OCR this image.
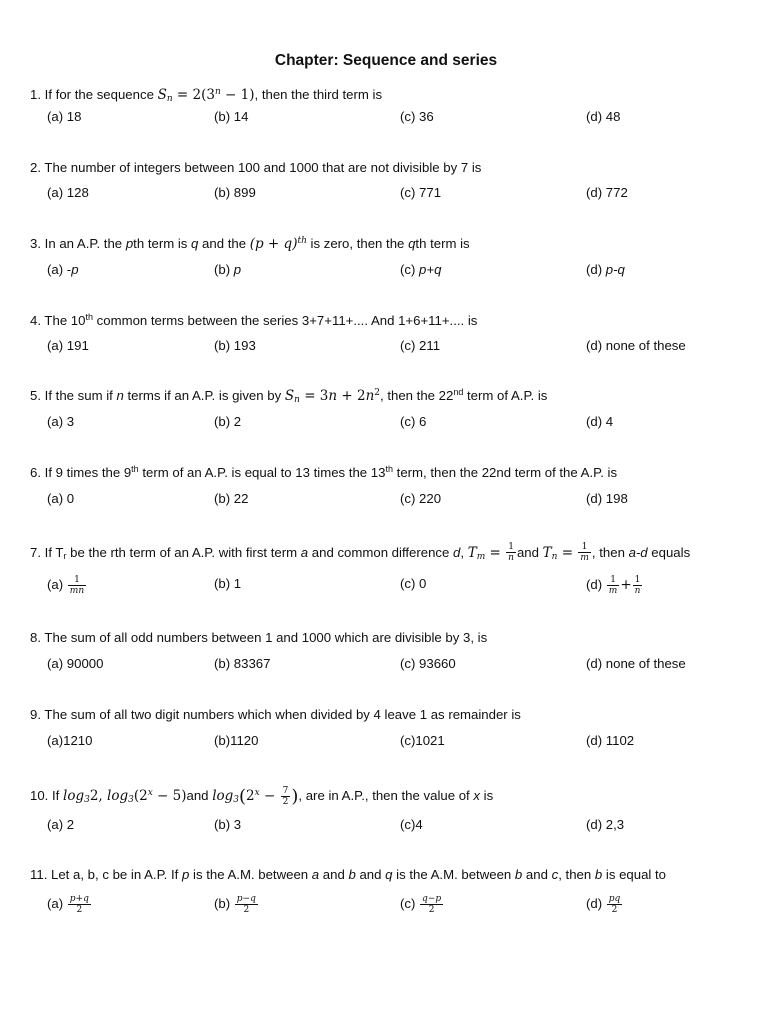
Chapter: Sequence and series
1. If for the sequence $S_n = 2(3^n - 1)$, then the third term is
(a) 18	(b) 14	(c) 36	(d) 48
2. The number of integers between 100 and 1000 that are not divisible by 7 is
(a) 128	(b) 899	(c) 771	(d) 772
3. In an A.P. the pth term is q and the $(p + q)^{th}$ is zero, then the qth term is
(a) -p	(b) p	(c) p+q	(d) p-q
4. The 10th common terms between the series 3+7+11+.... And 1+6+11+.... is
(a) 191	(b) 193	(c) 211	(d) none of these
5. If the sum if n terms if an A.P. is given by $S_n = 3n + 2n^2$, then the 22nd term of A.P. is
(a) 3	(b) 2	(c) 6	(d) 4
6. If 9 times the 9th term of an A.P. is equal to 13 times the 13th term, then the 22nd term of the A.P. is
(a) 0	(b) 22	(c) 220	(d) 198
7. If $T_r$ be the rth term of an A.P. with first term a and common difference d, $T_m = \frac{1}{n}$ and $T_n = \frac{1}{m}$ , then a-d equals
$(a) \frac{1}{mn}$	(b) 1	(c) 0	$(d) \frac{1}{m} + \frac{1}{n}$
8. The sum of all odd numbers between 1 and 1000 which are divisible by 3, is
(a) 90000	(b) 83367	(c) 93660	(d) none of these
9. The sum of all two digit numbers which when divided by 4 leave 1 as remainder is
(a)1210	(b)1120	(c)1021	(d) 1102
10. If $\log_32$, $\log_3(2^x - 5)and$ $\log_3(2^x - \frac{7}{2}$ ), are in A.P., then the value of x is
(a) 2	(b) 3	(c)4	(d) 2,3
11. Let a, b, c be in A.P. If p is the A.M. between a and b and q is the A.M. between b and c, then b is equal to
$(a) \frac{p+q}{2}$	$(b) \frac{p-q}{2}$	$(c) \frac{q-p}{2}$	$(d) \frac{pq}{2}$
